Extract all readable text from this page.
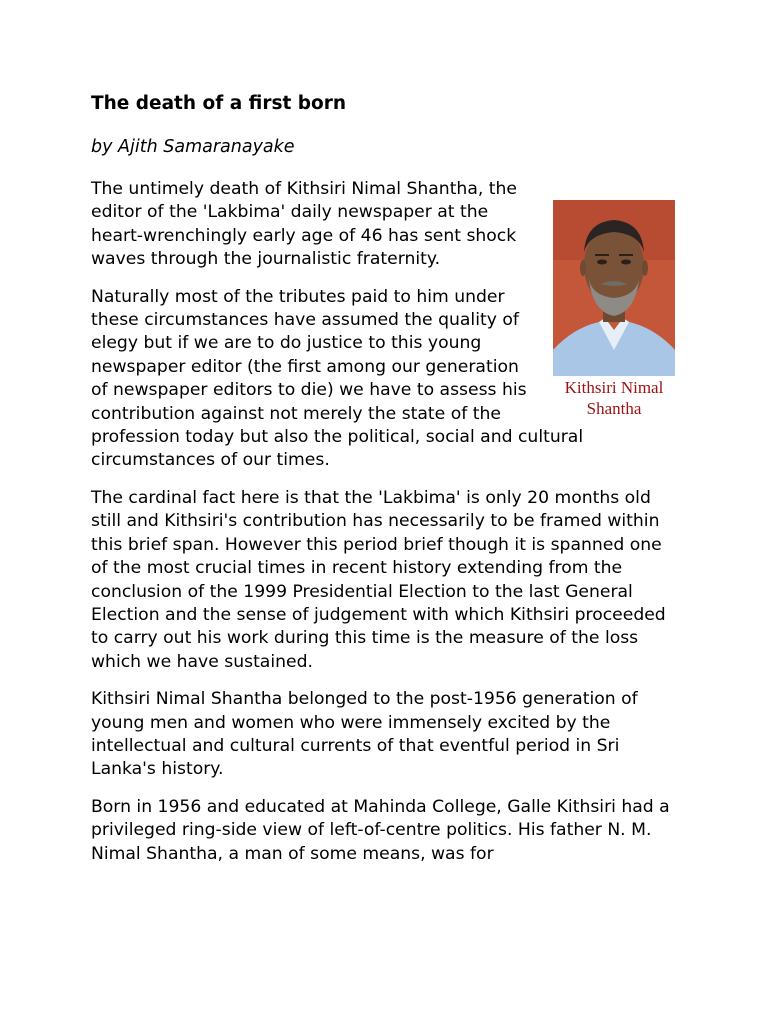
The death of a first born

by Ajith Samaranayake

Kithsiri Nimal Shantha

The untimely death of Kithsiri Nimal Shantha, the editor of the 'Lakbima' daily newspaper at the heart-wrenchingly early age of 46 has sent shock waves through the journalistic fraternity.

Naturally most of the tributes paid to him under these circumstances have assumed the quality of elegy but if we are to do justice to this young newspaper editor (the first among our generation of newspaper editors to die) we have to assess his contribution against not merely the state of the profession today but also the political, social and cultural circumstances of our times.

The cardinal fact here is that the 'Lakbima' is only 20 months old still and Kithsiri's contribution has necessarily to be framed within this brief span. However this period brief though it is spanned one of the most crucial times in recent history extending from the conclusion of the 1999 Presidential Election to the last General Election and the sense of judgement with which Kithsiri proceeded to carry out his work during this time is the measure of the loss which we have sustained.

Kithsiri Nimal Shantha belonged to the post-1956 generation of young men and women who were immensely excited by the intellectual and cultural currents of that eventful period in Sri Lanka's history.

Born in 1956 and educated at Mahinda College, Galle Kithsiri had a privileged ring-side view of left-of-centre politics. His father N. M. Nimal Shantha, a man of some means, was for
